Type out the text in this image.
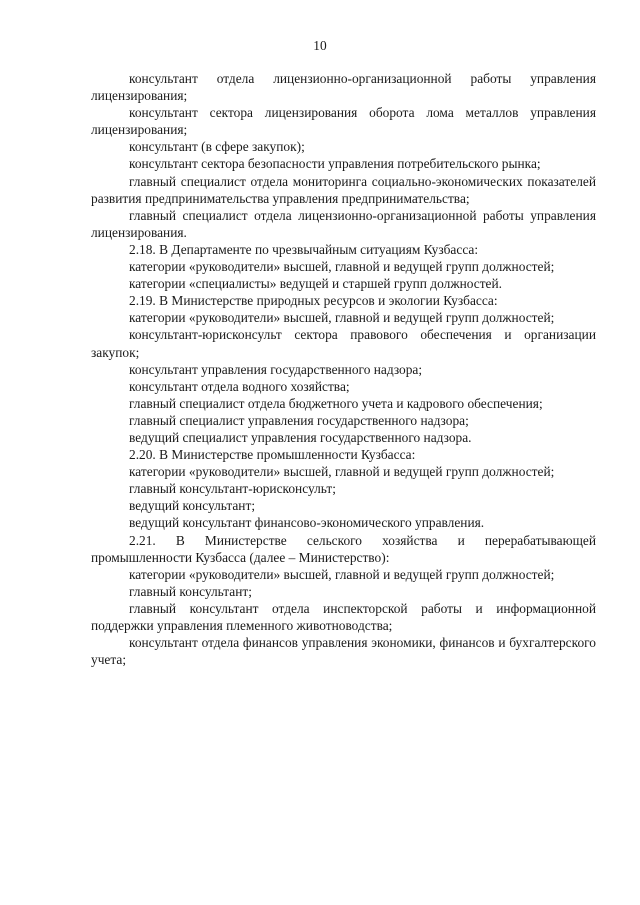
10

консультант отдела лицензионно-организационной работы управления лицензирования;

консультант сектора лицензирования оборота лома металлов управления лицензирования;

консультант (в сфере закупок);

консультант сектора безопасности управления потребительского рынка;

главный специалист отдела мониторинга социально-экономических показателей развития предпринимательства управления предпринимательства;

главный специалист отдела лицензионно-организационной работы управления лицензирования.

2.18. В Департаменте по чрезвычайным ситуациям Кузбасса:

категории «руководители» высшей, главной и ведущей групп должностей;

категории «специалисты» ведущей и старшей групп должностей.

2.19. В Министерстве природных ресурсов и экологии Кузбасса:

категории «руководители» высшей, главной и ведущей групп должностей;

консультант-юрисконсульт сектора правового обеспечения и организации закупок;

консультант управления государственного надзора;

консультант отдела водного хозяйства;

главный специалист отдела бюджетного учета и кадрового обеспечения;

главный специалист управления государственного надзора;

ведущий специалист управления государственного надзора.

2.20. В Министерстве промышленности Кузбасса:

категории «руководители» высшей, главной и ведущей групп должностей;

главный консультант-юрисконсульт;

ведущий консультант;

ведущий консультант финансово-экономического управления.

2.21. В Министерстве сельского хозяйства и перерабатывающей промышленности Кузбасса (далее – Министерство):

категории «руководители» высшей, главной и ведущей групп должностей;

главный консультант;

главный консультант отдела инспекторской работы и информационной поддержки управления племенного животноводства;

консультант отдела финансов управления экономики, финансов и бухгалтерского учета;
